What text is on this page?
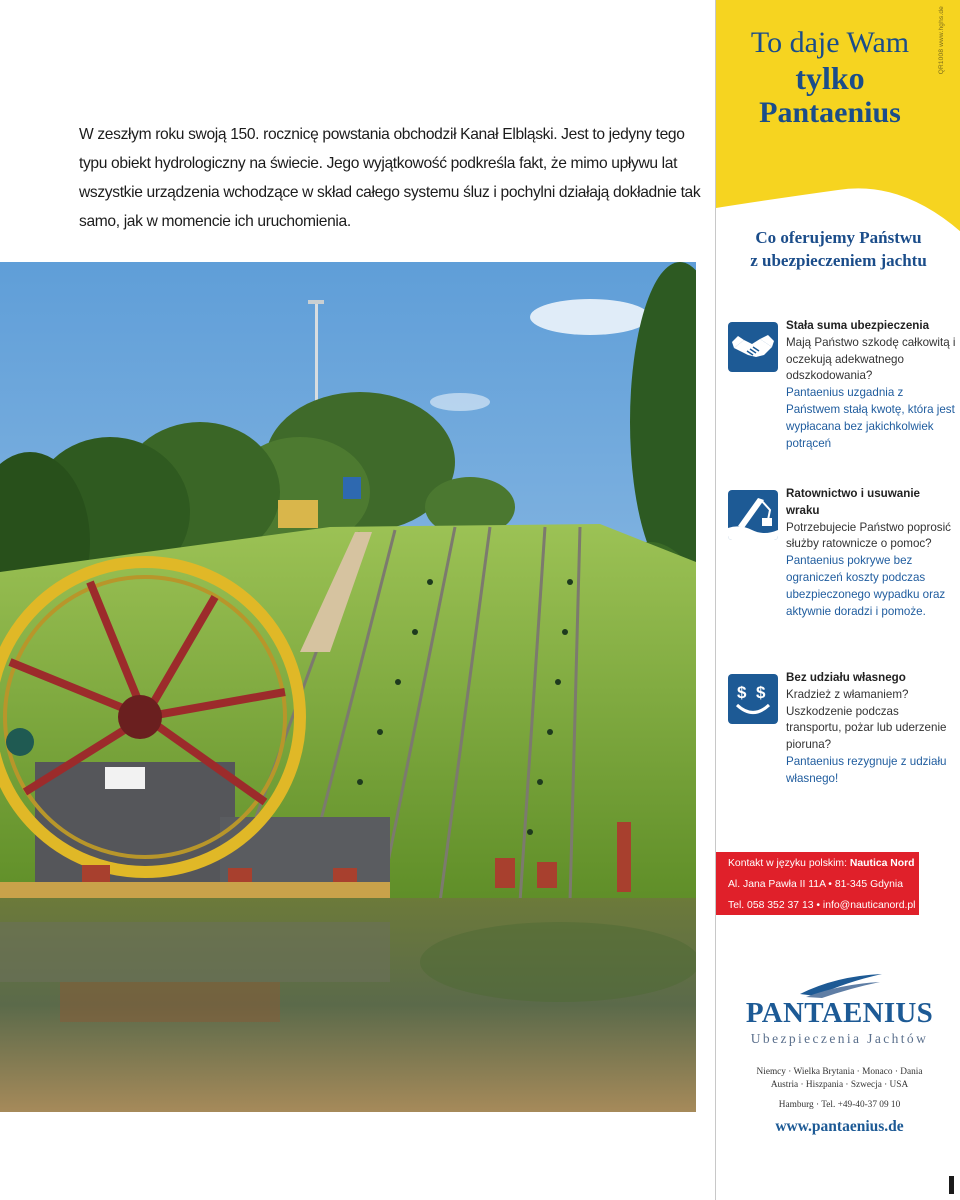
W zeszłym roku swoją 150. rocznicę powstania obchodził Kanał Elbląski. Jest to jedyny tego typu obiekt hydrologiczny na świecie. Jego wyjątkowość podkreśla fakt, że mimo upływu lat wszystkie urządzenia wchodzące w skład całego systemu śluz i pochylni działają dokładnie tak samo, jak w momencie ich uruchomienia.
To daje Wam
tylko
Pantaenius
QR1008 www.hghs.de
Co oferujemy Państwu
z ubezpieczeniem jachtu
Stała suma ubezpieczenia
Mają Państwo szkodę całkowitą i oczekują adekwatnego odszkodowania?
Pantaenius uzgadnia z Państwem stałą kwotę, która jest wypłacana bez jakichkolwiek potrąceń
Ratownictwo i usuwanie wraku
Potrzebujecie Państwo poprosić służby ratownicze o pomoc?
Pantaenius pokrywe bez ograniczeń koszty podczas ubezpieczonego wypadku oraz aktywnie doradzi i pomoże.
$ $
Bez udziału własnego
Kradzież z włamaniem? Uszkodzenie podczas transportu, pożar lub uderzenie pioruna?
Pantaenius rezygnuje z udziału własnego!
Kontakt w języku polskim: Nautica Nord
Al. Jana Pawła II 11A • 81-345 Gdynia
Tel. 058 352 37 13 • info@nauticanord.pl
PANTAENIUS
Ubezpieczenia Jachtów
Niemcy · Wielka Brytania · Monaco · Dania
Austria · Hiszpania · Szwecja · USA
Hamburg · Tel. +49-40-37 09 10
www.pantaenius.de
